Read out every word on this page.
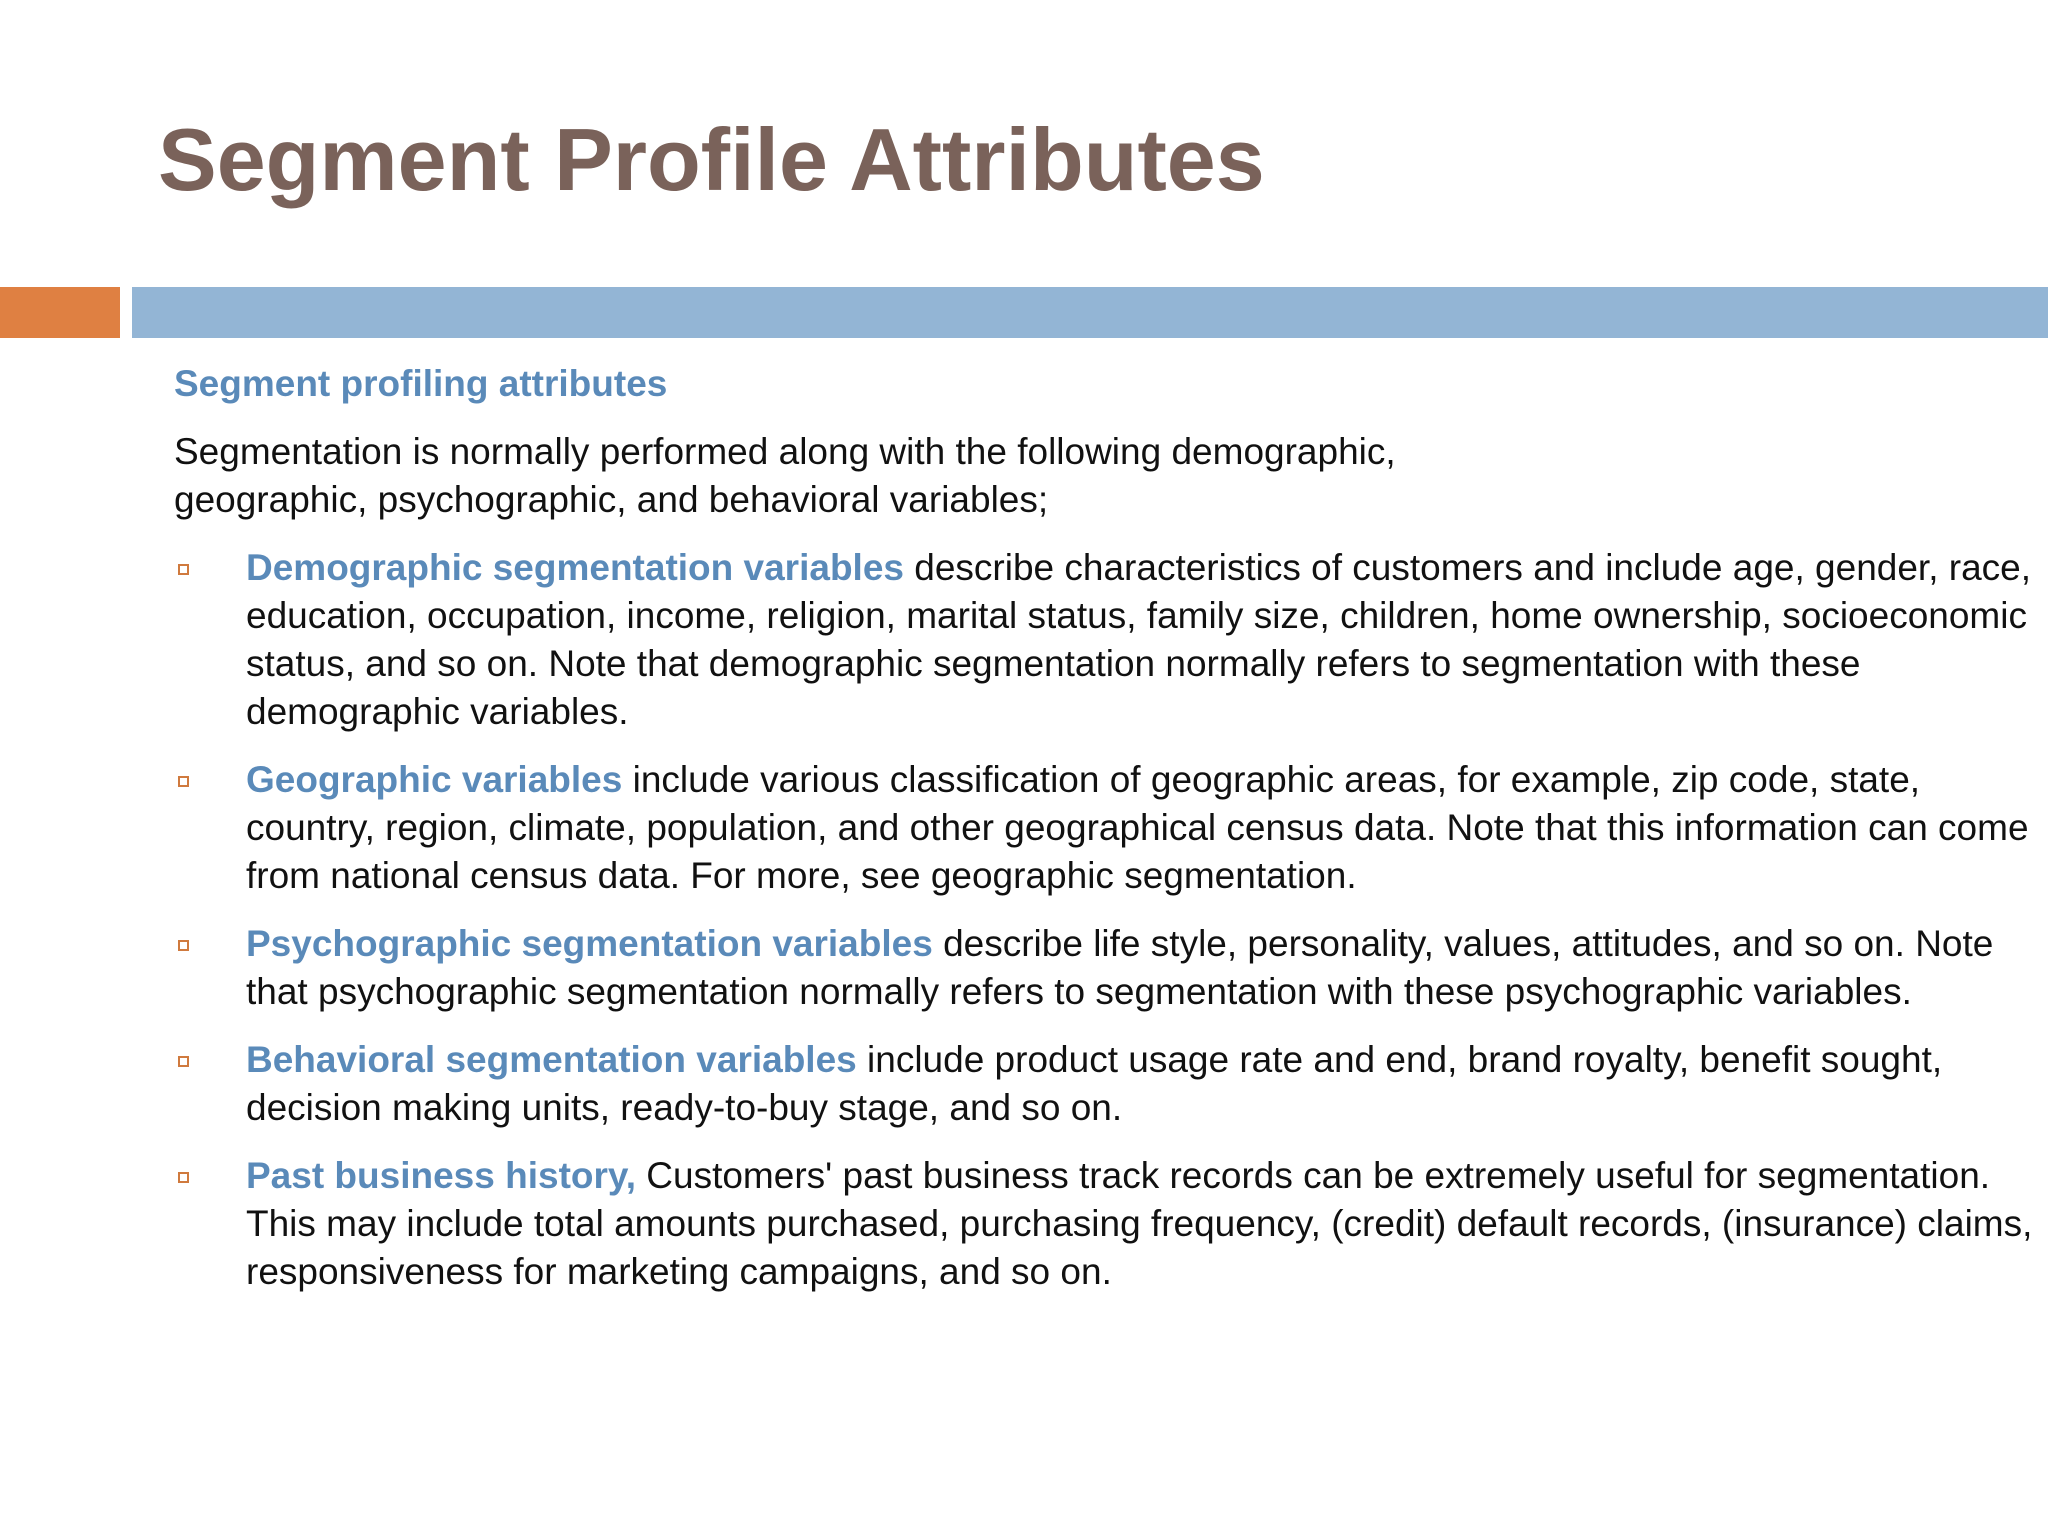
Segment Profile Attributes

Segment profiling attributes

Segmentation is normally performed along with the following demographic, geographic, psychographic, and behavioral variables;

Demographic segmentation variables describe characteristics of customers and include age, gender, race, education, occupation, income, religion, marital status, family size, children, home ownership, socioeconomic status, and so on. Note that demographic segmentation normally refers to segmentation with these demographic variables.
Geographic variables include various classification of geographic areas, for example, zip code, state, country, region, climate, population, and other geographical census data. Note that this information can come from national census data. For more, see geographic segmentation.
Psychographic segmentation variables describe life style, personality, values, attitudes, and so on. Note that psychographic segmentation normally refers to segmentation with these psychographic variables.
Behavioral segmentation variables include product usage rate and end, brand royalty, benefit sought, decision making units, ready-to-buy stage, and so on.
Past business history, Customers' past business track records can be extremely useful for segmentation. This may include total amounts purchased, purchasing frequency, (credit) default records, (insurance) claims, responsiveness for marketing campaigns, and so on.
